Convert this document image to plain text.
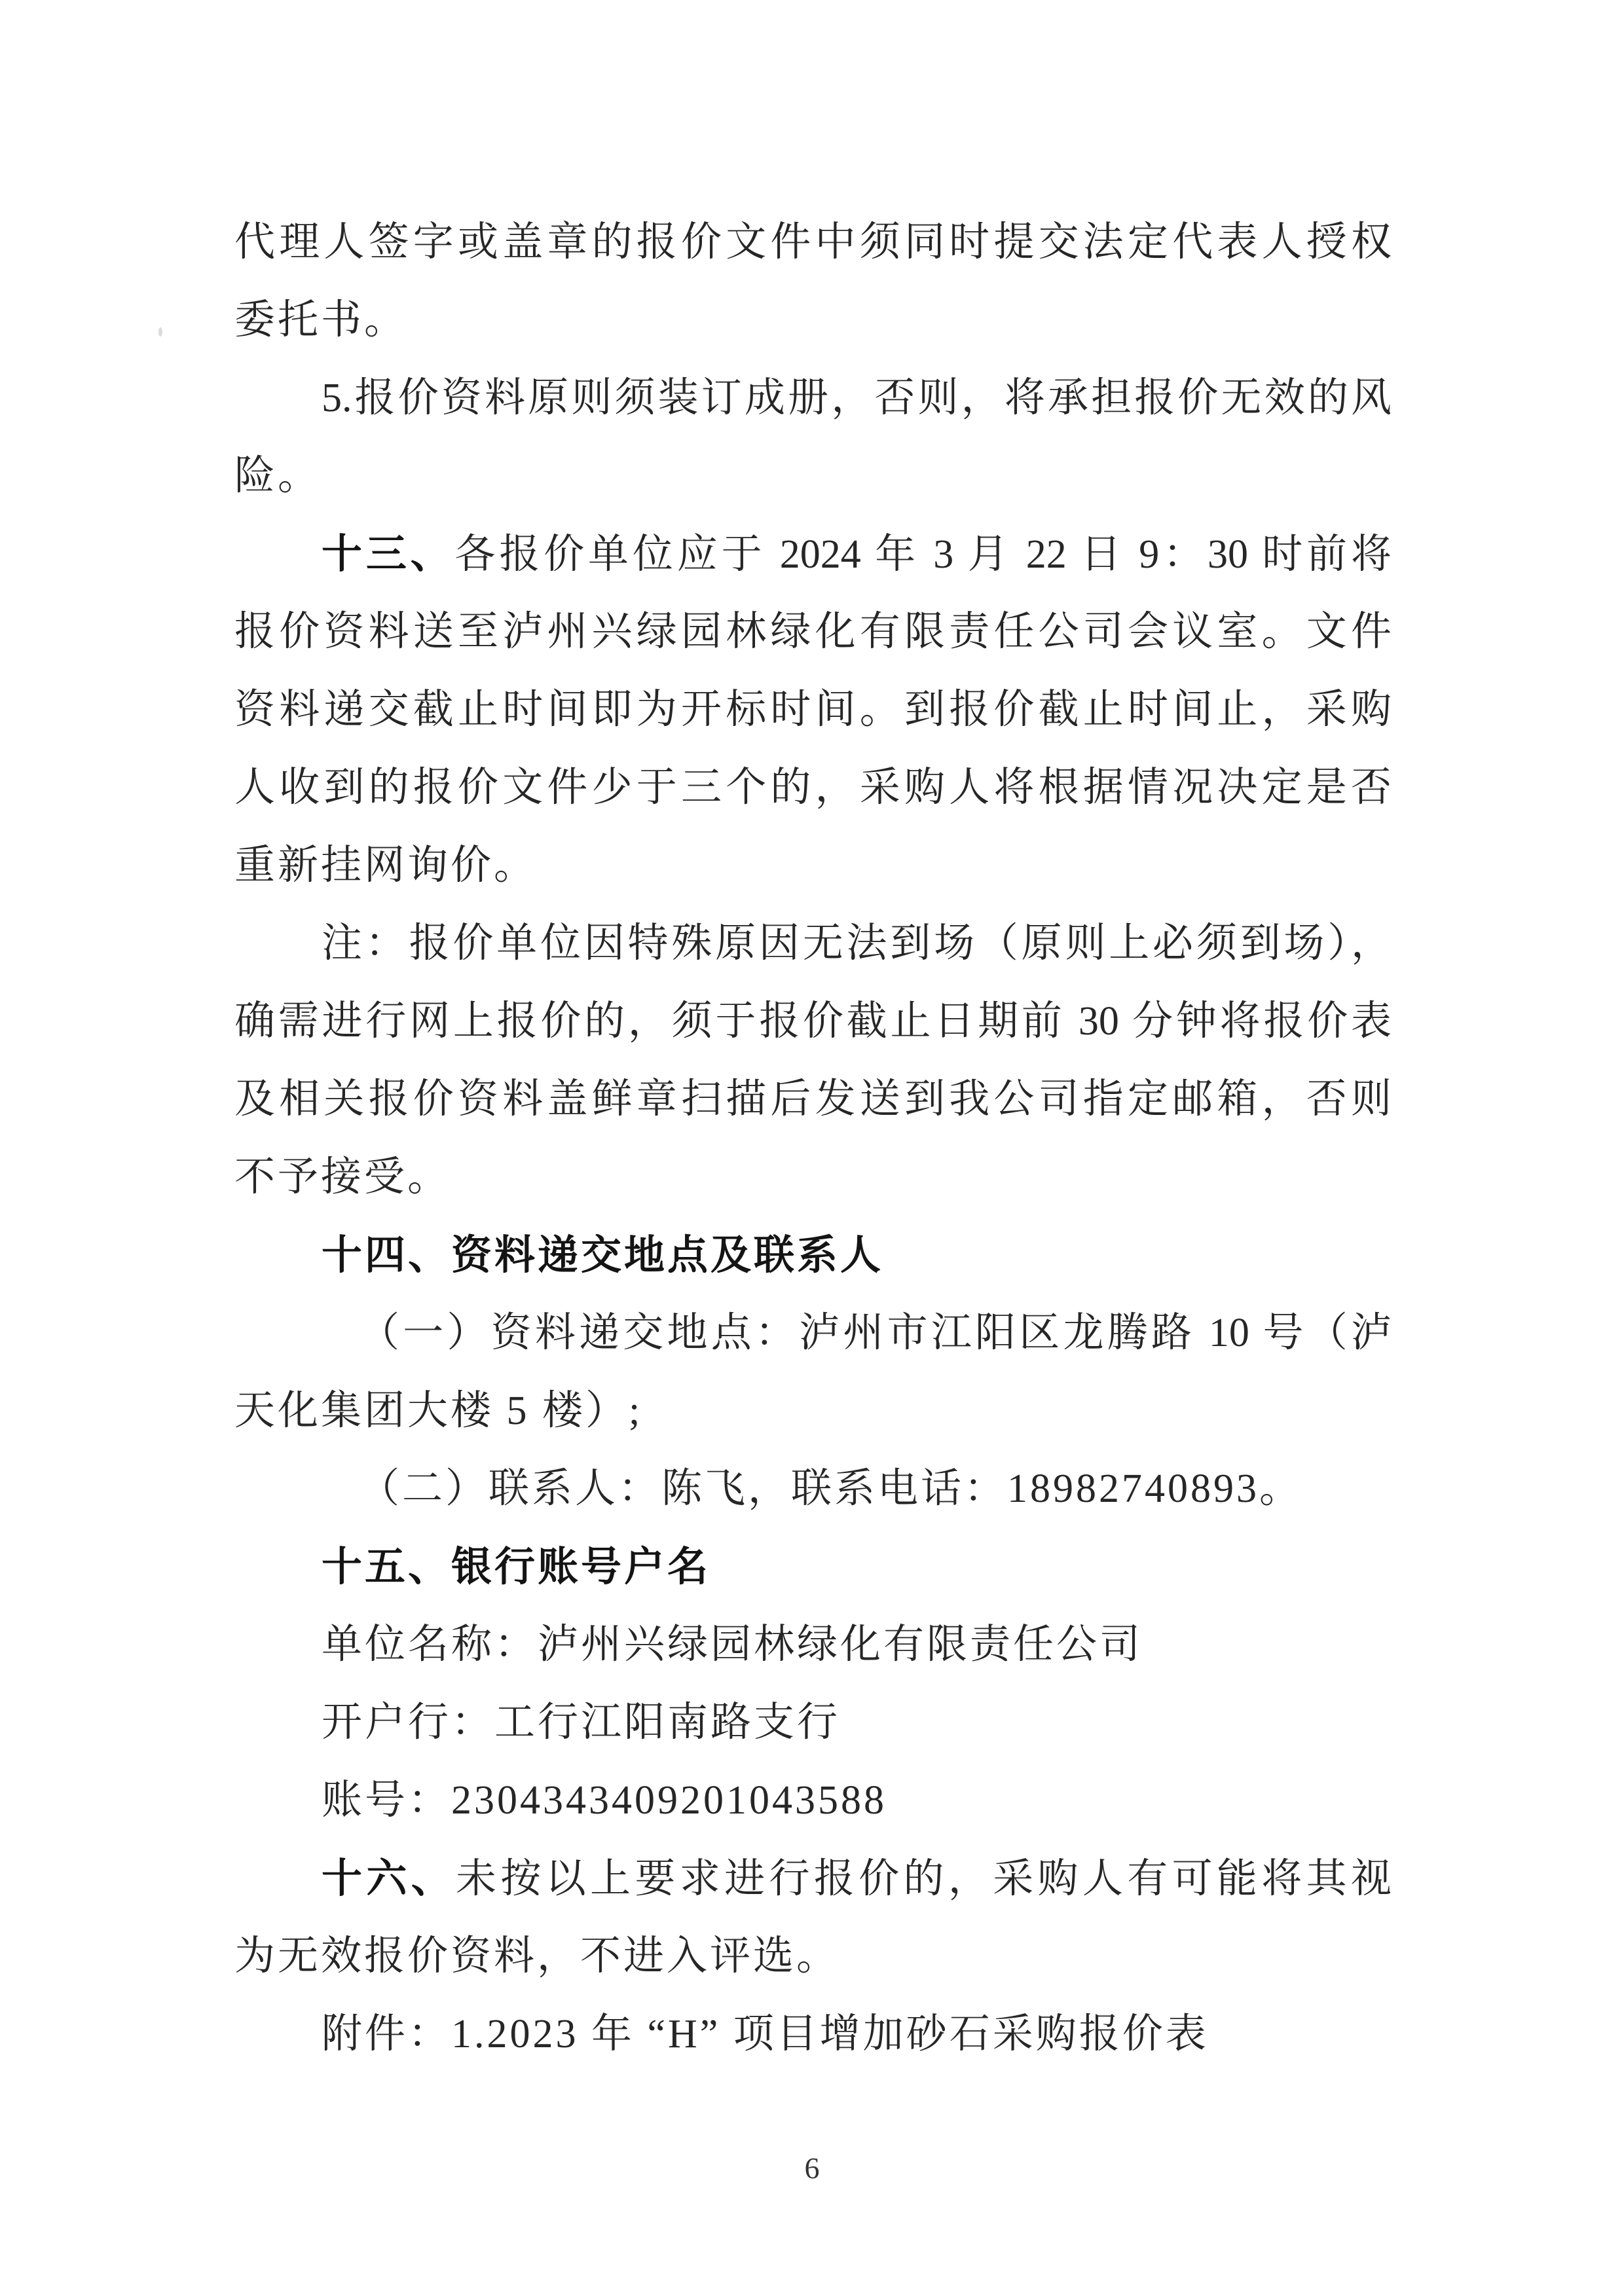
代理人签字或盖章的报价文件中须同时提交法定代表人授权
委托书。
5.报价资料原则须装订成册，否则，将承担报价无效的风
险。
十三、各报价单位应于 2024 年 3 月 22 日 9：30 时前将
报价资料送至泸州兴绿园林绿化有限责任公司会议室。文件
资料递交截止时间即为开标时间。到报价截止时间止，采购
人收到的报价文件少于三个的，采购人将根据情况决定是否
重新挂网询价。
注：报价单位因特殊原因无法到场（原则上必须到场），
确需进行网上报价的，须于报价截止日期前 30 分钟将报价表
及相关报价资料盖鲜章扫描后发送到我公司指定邮箱，否则
不予接受。
十四、资料递交地点及联系人
（一）资料递交地点：泸州市江阳区龙腾路 10 号（泸
天化集团大楼 5 楼）;
（二）联系人：陈飞，联系电话：18982740893。
十五、银行账号户名
单位名称：泸州兴绿园林绿化有限责任公司
开户行：工行江阳南路支行
账号：2304343409201043588
十六、未按以上要求进行报价的，采购人有可能将其视
为无效报价资料，不进入评选。
附件：1.2023 年 “H” 项目增加砂石采购报价表
6
